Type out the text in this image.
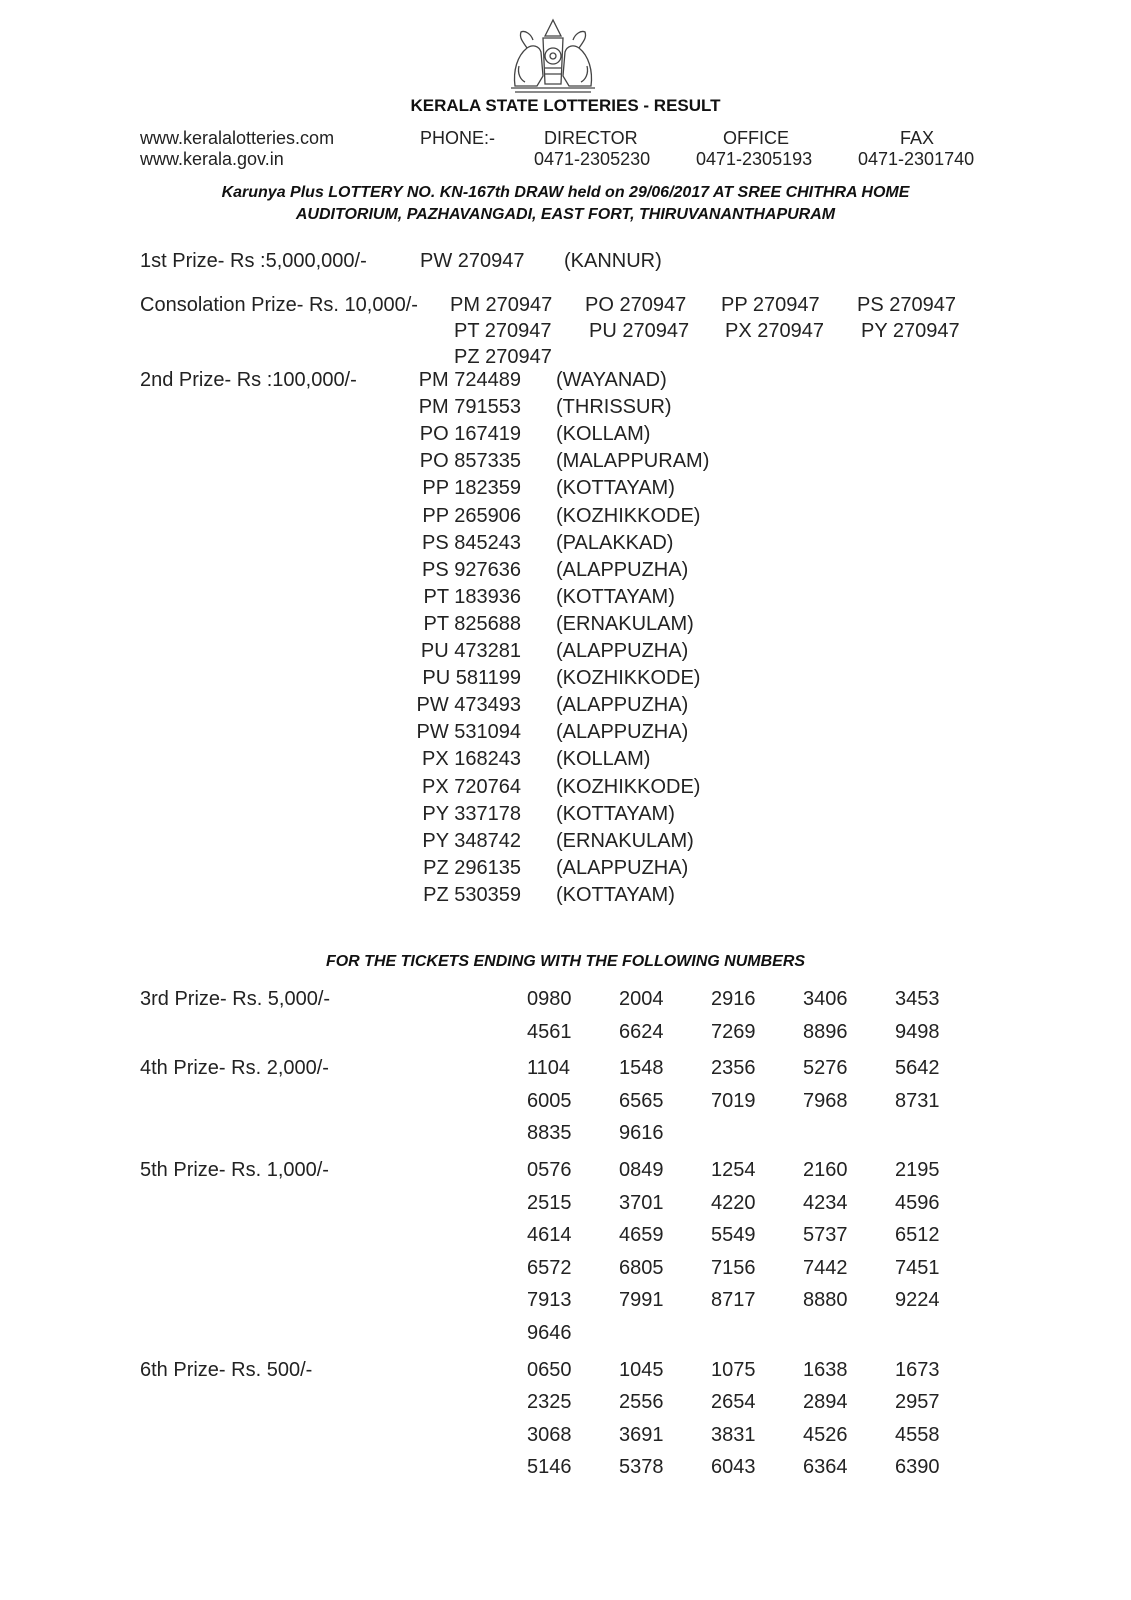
KERALA STATE LOTTERIES - RESULT
www.keralalotteries.com
www.kerala.gov.in
PHONE:-	DIRECTOR	OFFICE	FAX
0471-2305230	0471-2305193	0471-2301740
Karunya Plus LOTTERY NO. KN-167th DRAW held on 29/06/2017 AT SREE CHITHRA HOME
AUDITORIUM, PAZHAVANGADI, EAST FORT, THIRUVANANTHAPURAM
1st Prize- Rs :5,000,000/-	PW 270947 (KANNUR)
Consolation Prize- Rs. 10,000/- PM 270947 PO 270947 PP 270947 PS 270947
PT 270947 PU 270947 PX 270947 PY 270947
PZ 270947
2nd Prize- Rs :100,000/-	PM 724489 (WAYANAD)
PM 791553 (THRISSUR)
PO 167419 (KOLLAM)
PO 857335 (MALAPPURAM)
PP 182359 (KOTTAYAM)
PP 265906 (KOZHIKKODE)
PS 845243 (PALAKKAD)
PS 927636 (ALAPPUZHA)
PT 183936 (KOTTAYAM)
PT 825688 (ERNAKULAM)
PU 473281 (ALAPPUZHA)
PU 581199 (KOZHIKKODE)
PW 473493 (ALAPPUZHA)
PW 531094 (ALAPPUZHA)
PX 168243 (KOLLAM)
PX 720764 (KOZHIKKODE)
PY 337178 (KOTTAYAM)
PY 348742 (ERNAKULAM)
PZ 296135 (ALAPPUZHA)
PZ 530359 (KOTTAYAM)
FOR THE TICKETS ENDING WITH THE FOLLOWING NUMBERS
3rd Prize- Rs. 5,000/-	0980 2004 2916 3406 3453
4561 6624 7269 8896 9498
4th Prize- Rs. 2,000/-	1104 1548 2356 5276 5642
6005 6565 7019 7968 8731
8835 9616
5th Prize- Rs. 1,000/-	0576 0849 1254 2160 2195
2515 3701 4220 4234 4596
4614 4659 5549 5737 6512
6572 6805 7156 7442 7451
7913 7991 8717 8880 9224
9646
6th Prize- Rs. 500/-	0650 1045 1075 1638 1673
2325 2556 2654 2894 2957
3068 3691 3831 4526 4558
5146 5378 6043 6364 6390
